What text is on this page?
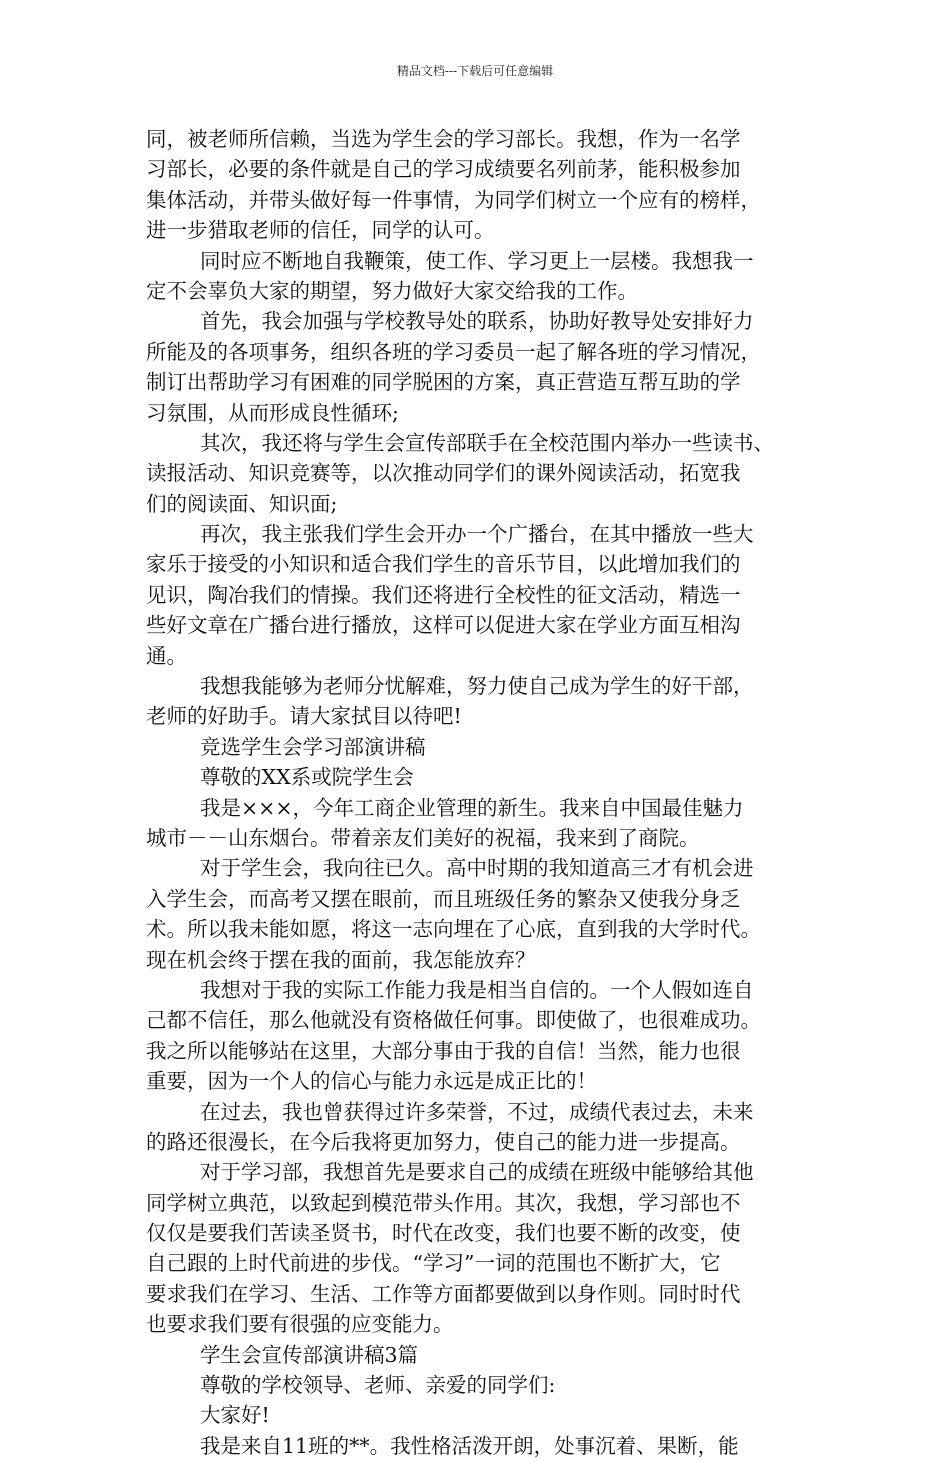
精品文档---下载后可任意编辑
同，被老师所信赖，当选为学生会的学习部长。我想，作为一名学
习部长，必要的条件就是自己的学习成绩要名列前茅，能积极参加
集体活动，并带头做好每一件事情，为同学们树立一个应有的榜样，
进一步猎取老师的信任，同学的认可。
同时应不断地自我鞭策，使工作、学习更上一层楼。我想我一
定不会辜负大家的期望，努力做好大家交给我的工作。
首先，我会加强与学校教导处的联系，协助好教导处安排好力
所能及的各项事务，组织各班的学习委员一起了解各班的学习情况，
制订出帮助学习有困难的同学脱困的方案，真正营造互帮互助的学
习氛围，从而形成良性循环;
其次，我还将与学生会宣传部联手在全校范围内举办一些读书、
读报活动、知识竞赛等，以次推动同学们的课外阅读活动，拓宽我
们的阅读面、知识面;
再次，我主张我们学生会开办一个广播台，在其中播放一些大
家乐于接受的小知识和适合我们学生的音乐节目，以此增加我们的
见识，陶冶我们的情操。我们还将进行全校性的征文活动，精选一
些好文章在广播台进行播放，这样可以促进大家在学业方面互相沟
通。
我想我能够为老师分忧解难，努力使自己成为学生的好干部，
老师的好助手。请大家拭目以待吧!
竞选学生会学习部演讲稿
尊敬的XX系或院学生会
我是×××，今年工商企业管理的新生。我来自中国最佳魅力
城市－－山东烟台。带着亲友们美好的祝福，我来到了商院。
对于学生会，我向往已久。高中时期的我知道高三才有机会进
入学生会，而高考又摆在眼前，而且班级任务的繁杂又使我分身乏
术。所以我未能如愿，将这一志向埋在了心底，直到我的大学时代。
现在机会终于摆在我的面前，我怎能放弃？
我想对于我的实际工作能力我是相当自信的。一个人假如连自
己都不信任，那么他就没有资格做任何事。即使做了，也很难成功。
我之所以能够站在这里，大部分事由于我的自信！当然，能力也很
重要，因为一个人的信心与能力永远是成正比的！
在过去，我也曾获得过许多荣誉，不过，成绩代表过去，未来
的路还很漫长，在今后我将更加努力，使自己的能力进一步提高。
对于学习部，我想首先是要求自己的成绩在班级中能够给其他
同学树立典范，以致起到模范带头作用。其次，我想，学习部也不
仅仅是要我们苦读圣贤书，时代在改变，我们也要不断的改变，使
自己跟的上时代前进的步伐。“学习”一词的范围也不断扩大，它
要求我们在学习、生活、工作等方面都要做到以身作则。同时时代
也要求我们要有很强的应变能力。
学生会宣传部演讲稿3篇
尊敬的学校领导、老师、亲爱的同学们:
大家好!
我是来自11班的**。我性格活泼开朗，处事沉着、果断，能
